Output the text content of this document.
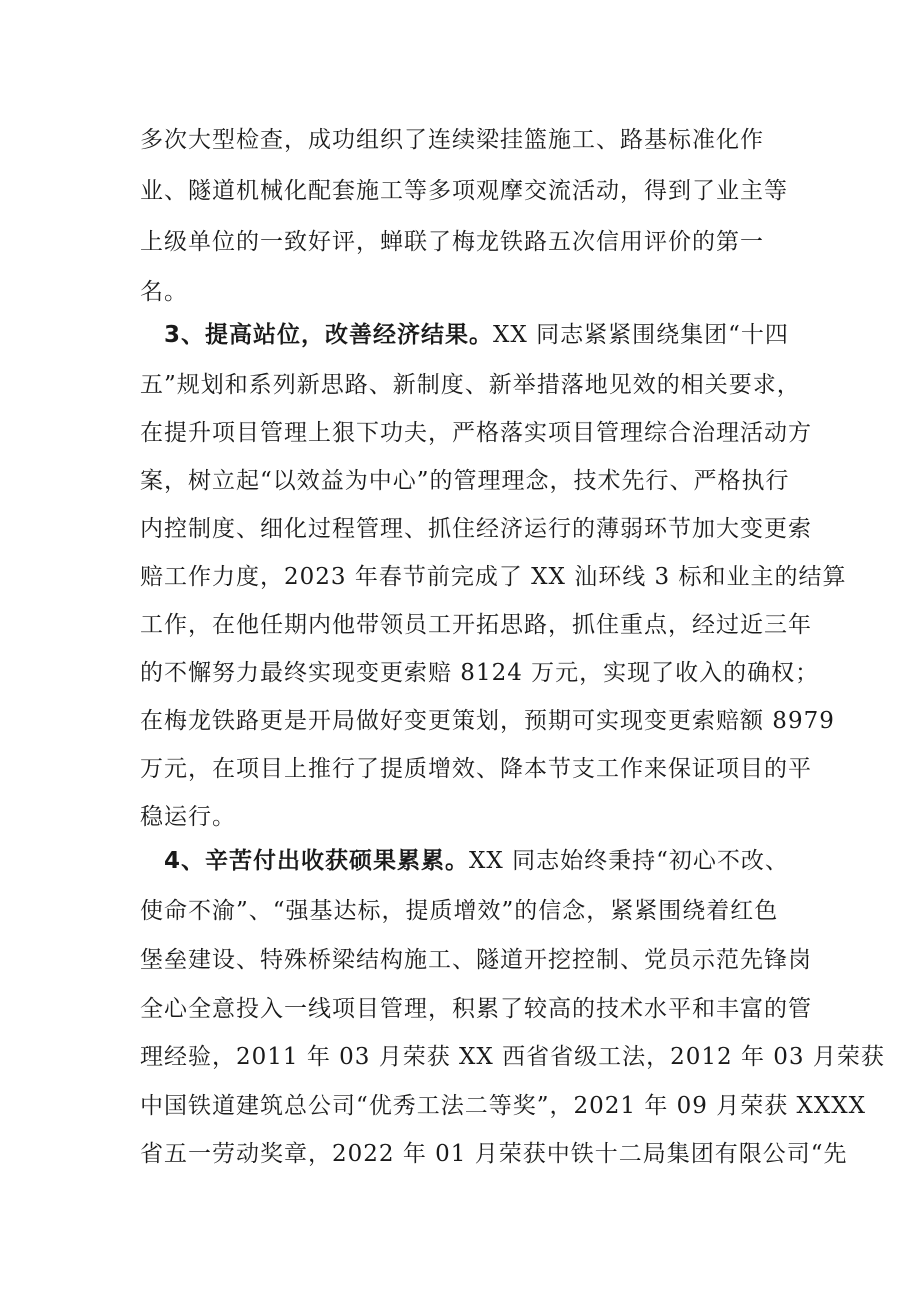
多次大型检查，成功组织了连续梁挂篮施工、路基标准化作
业、隧道机械化配套施工等多项观摩交流活动，得到了业主等
上级单位的一致好评，蝉联了梅龙铁路五次信用评价的第一
名。
3、提高站位，改善经济结果。XX 同志紧紧围绕集团“十四
五”规划和系列新思路、新制度、新举措落地见效的相关要求，
在提升项目管理上狠下功夫，严格落实项目管理综合治理活动方
案，树立起“以效益为中心”的管理理念，技术先行、严格执行
内控制度、细化过程管理、抓住经济运行的薄弱环节加大变更索
赔工作力度，2023 年春节前完成了 XX 汕环线 3 标和业主的结算
工作，在他任期内他带领员工开拓思路，抓住重点，经过近三年
的不懈努力最终实现变更索赔 8124 万元，实现了收入的确权；
在梅龙铁路更是开局做好变更策划，预期可实现变更索赔额 8979
万元，在项目上推行了提质增效、降本节支工作来保证项目的平
稳运行。
4、辛苦付出收获硕果累累。XX 同志始终秉持“初心不改、
使命不渝”、“强基达标，提质增效”的信念，紧紧围绕着红色
堡垒建设、特殊桥梁结构施工、隧道开挖控制、党员示范先锋岗
全心全意投入一线项目管理，积累了较高的技术水平和丰富的管
理经验，2011 年 03 月荣获 XX 西省省级工法，2012 年 03 月荣获
中国铁道建筑总公司“优秀工法二等奖”，2021 年 09 月荣获 XXXX
省五一劳动奖章，2022 年 01 月荣获中铁十二局集团有限公司“先
